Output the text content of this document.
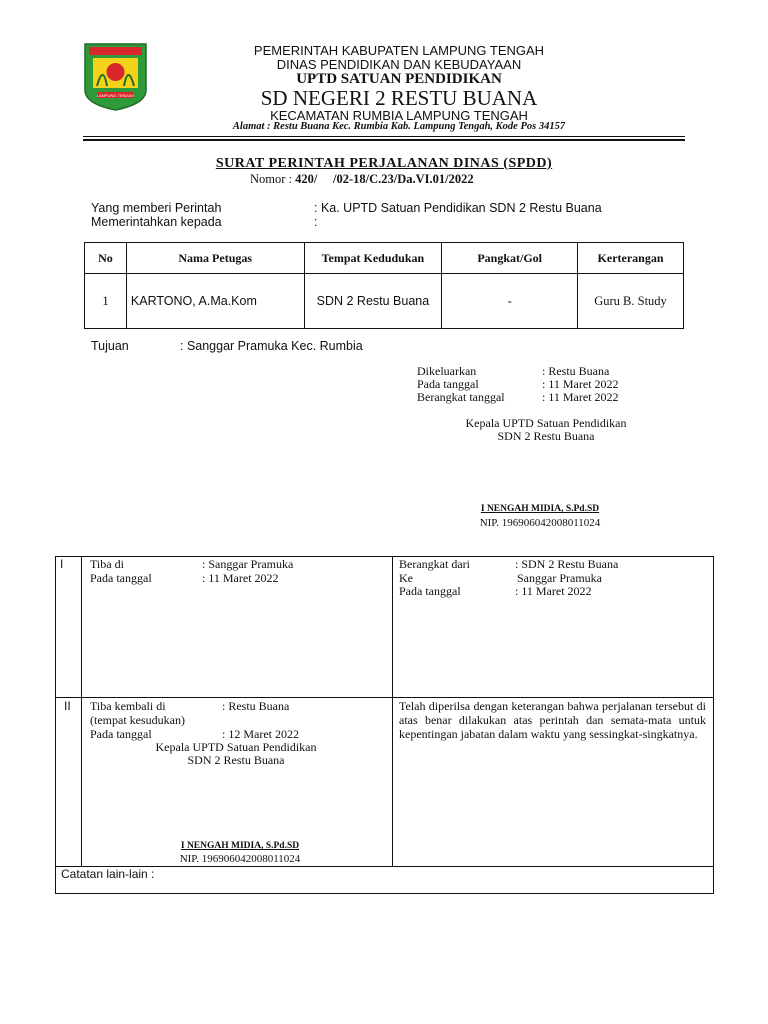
LAMPUNG TENGAH
PEMERINTAH KABUPATEN LAMPUNG TENGAH
DINAS PENDIDIKAN DAN KEBUDAYAAN
UPTD SATUAN PENDIDIKAN
SD NEGERI 2 RESTU BUANA
KECAMATAN RUMBIA LAMPUNG TENGAH
Alamat : Restu Buana Kec. Rumbia Kab. Lampung Tengah, Kode Pos 34157
SURAT PERINTAH PERJALANAN DINAS (SPDD)
Nomor : 420/     /02-18/C.23/Da.VI.01/2022
Yang memberi Perintah	: Ka. UPTD Satuan Pendidikan SDN 2 Restu Buana
Memerintahkan kepada	:
No	Nama Petugas	Tempat Kedudukan	Pangkat/Gol	Kerterangan
1	KARTONO, A.Ma.Kom	SDN 2 Restu Buana	-	Guru B. Study
Tujuan	: Sanggar Pramuka Kec. Rumbia
Dikeluarkan	: Restu Buana
Pada tanggal	: 11 Maret 2022
Berangkat tanggal	: 11 Maret 2022
Kepala UPTD Satuan Pendidikan
SDN 2 Restu Buana
I NENGAH MIDIA, S.Pd.SD
NIP. 196906042008011024
I Tiba di	: Sanggar Pramuka
Pada tanggal	: 11 Maret 2022
Berangkat dari	: SDN 2 Restu Buana
Ke	Sanggar Pramuka
Pada tanggal	: 11 Maret 2022
II Tiba kembali di	: Restu Buana
(tempat kesudukan)
Pada tanggal	: 12 Maret 2022
Kepala UPTD Satuan Pendidikan
SDN 2 Restu Buana
I NENGAH MIDIA, S.Pd.SD
NIP. 196906042008011024
Telah diperilsa dengan keterangan bahwa perjalanan tersebut di atas benar dilakukan atas perintah dan semata-mata untuk kepentingan jabatan dalam waktu yang sessingkat-singkatnya.
Catatan lain-lain :
